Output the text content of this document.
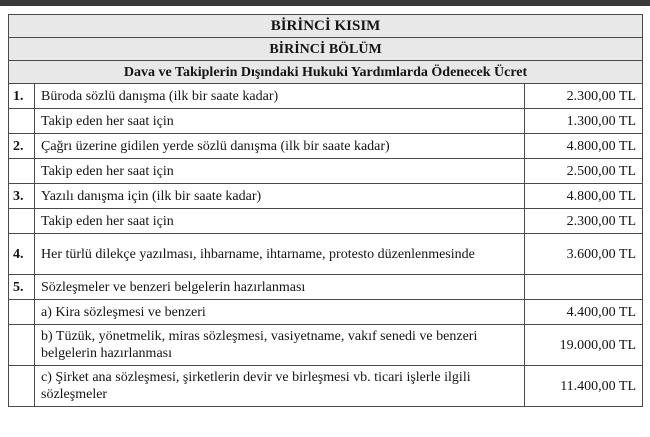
BİRİNCİ KISIM		
BİRİNCİ BÖLÜM		
Dava ve Takiplerin Dışındaki Hukuki Yardımlarda Ödenecek Ücret		
1.	Büroda sözlü danışma (ilk bir saate kadar)	2.300,00 TL
	Takip eden her saat için	1.300,00 TL
2.	Çağrı üzerine gidilen yerde sözlü danışma (ilk bir saate kadar)	4.800,00 TL
	Takip eden her saat için	2.500,00 TL
3.	Yazılı danışma için (ilk bir saate kadar)	4.800,00 TL
	Takip eden her saat için	2.300,00 TL
4.	Her türlü dilekçe yazılması, ihbarname, ihtarname, protesto düzenlenmesinde	3.600,00 TL
5.	Sözleşmeler ve benzeri belgelerin hazırlanması	
	a) Kira sözleşmesi ve benzeri	4.400,00 TL
	b) Tüzük, yönetmelik, miras sözleşmesi, vasiyetname, vakıf senedi ve benzeri belgelerin hazırlanması	19.000,00 TL
	c) Şirket ana sözleşmesi, şirketlerin devir ve birleşmesi vb. ticari işlerle ilgili sözleşmeler	11.400,00 TL
